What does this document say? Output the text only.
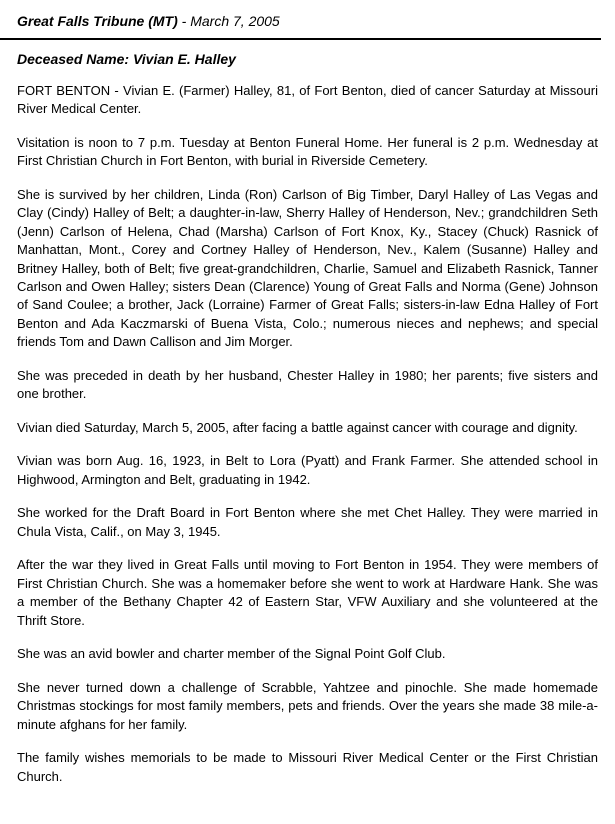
Great Falls Tribune (MT) - March 7, 2005
Deceased Name: Vivian E. Halley

FORT BENTON - Vivian E. (Farmer) Halley, 81, of Fort Benton, died of cancer Saturday at Missouri River Medical Center.

Visitation is noon to 7 p.m. Tuesday at Benton Funeral Home. Her funeral is 2 p.m. Wednesday at First Christian Church in Fort Benton, with burial in Riverside Cemetery.

She is survived by her children, Linda (Ron) Carlson of Big Timber, Daryl Halley of Las Vegas and Clay (Cindy) Halley of Belt; a daughter-in-law, Sherry Halley of Henderson, Nev.; grandchildren Seth (Jenn) Carlson of Helena, Chad (Marsha) Carlson of Fort Knox, Ky., Stacey (Chuck) Rasnick of Manhattan, Mont., Corey and Cortney Halley of Henderson, Nev., Kalem (Susanne) Halley and Britney Halley, both of Belt; five great-grandchildren, Charlie, Samuel and Elizabeth Rasnick, Tanner Carlson and Owen Halley; sisters Dean (Clarence) Young of Great Falls and Norma (Gene) Johnson of Sand Coulee; a brother, Jack (Lorraine) Farmer of Great Falls; sisters-in-law Edna Halley of Fort Benton and Ada Kaczmarski of Buena Vista, Colo.; numerous nieces and nephews; and special friends Tom and Dawn Callison and Jim Morger.

She was preceded in death by her husband, Chester Halley in 1980; her parents; five sisters and one brother.

Vivian died Saturday, March 5, 2005, after facing a battle against cancer with courage and dignity.

Vivian was born Aug. 16, 1923, in Belt to Lora (Pyatt) and Frank Farmer. She attended school in Highwood, Armington and Belt, graduating in 1942.

She worked for the Draft Board in Fort Benton where she met Chet Halley. They were married in Chula Vista, Calif., on May 3, 1945.

After the war they lived in Great Falls until moving to Fort Benton in 1954. They were members of First Christian Church. She was a homemaker before she went to work at Hardware Hank. She was a member of the Bethany Chapter 42 of Eastern Star, VFW Auxiliary and she volunteered at the Thrift Store.

She was an avid bowler and charter member of the Signal Point Golf Club.

She never turned down a challenge of Scrabble, Yahtzee and pinochle. She made homemade Christmas stockings for most family members, pets and friends. Over the years she made 38 mile-a-minute afghans for her family.

The family wishes memorials to be made to Missouri River Medical Center or the First Christian Church.
